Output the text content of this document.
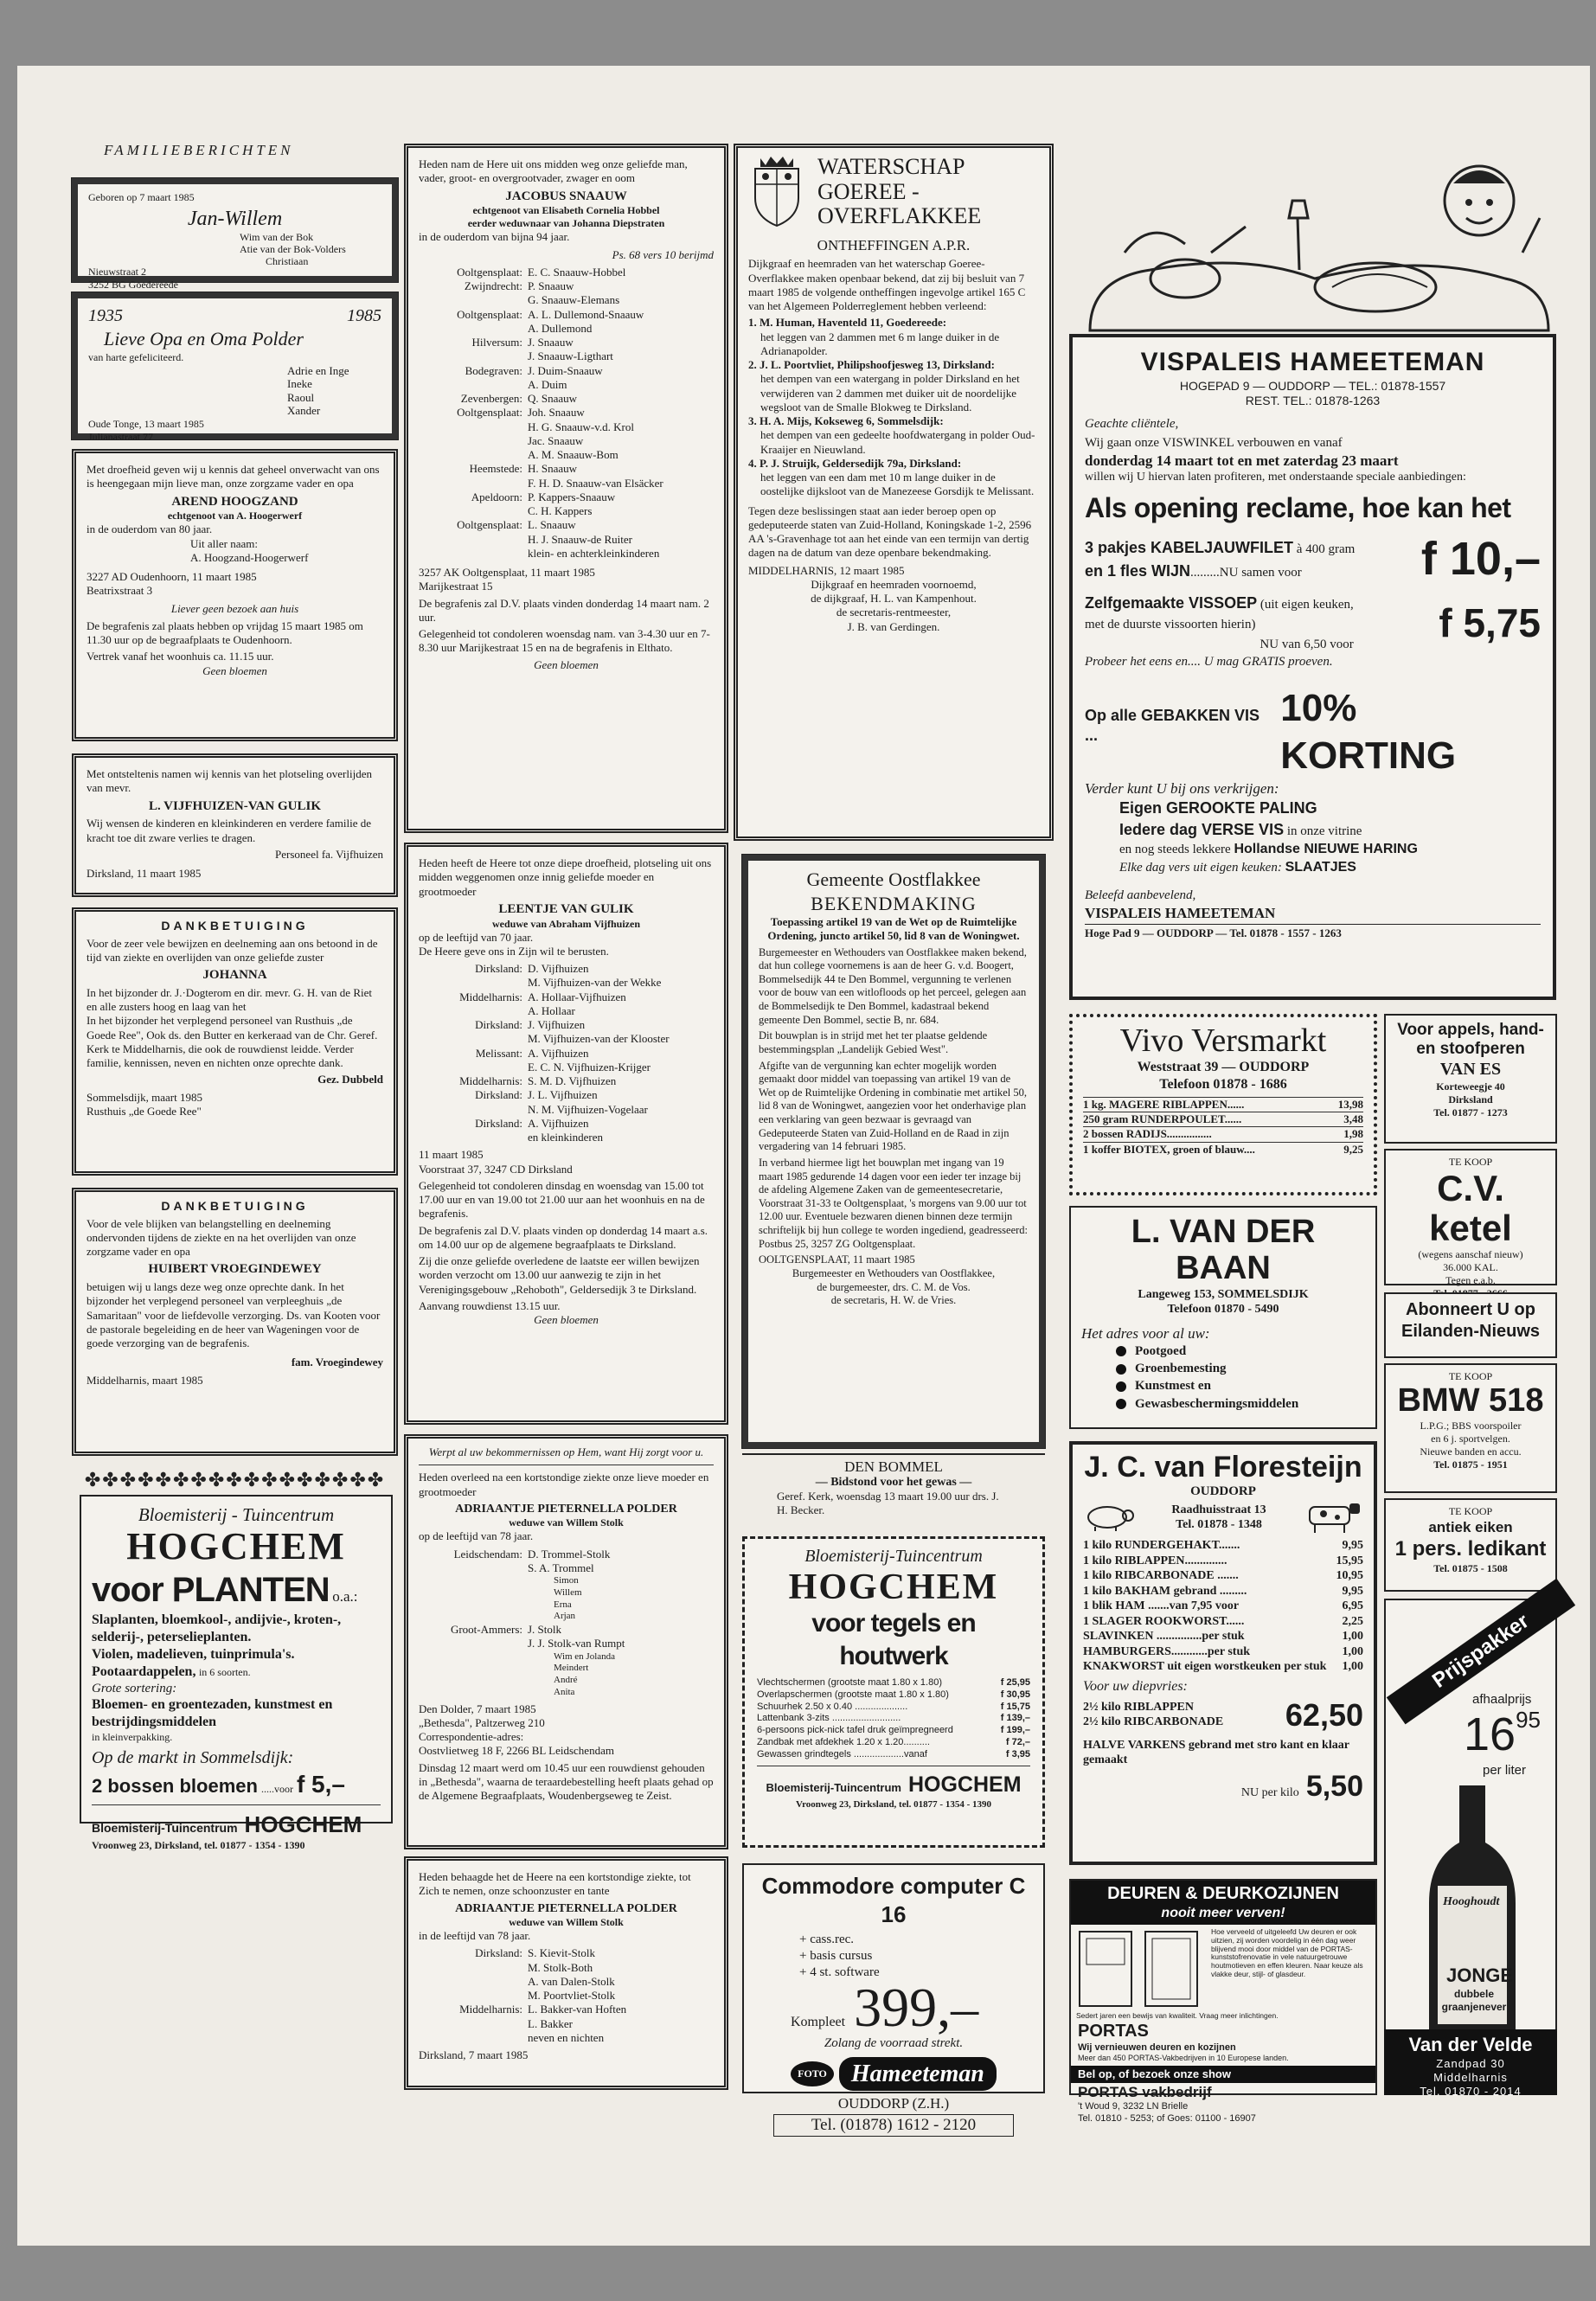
FAMILIEBERICHTEN
Geboren op 7 maart 1985
Jan-Willem
Wim van der Bok
Atie van der Bok-Volders
Christiaan
Nieuwstraat 2
3252 BG Goedereede
1935	1985
Lieve Opa en Oma Polder
van harte gefeliciteerd.
Adrie en Inge
Ineke
Raoul
Xander
Oude Tonge, 13 maart 1985
Julianastraat 77

Met droefheid geven wij u kennis dat geheel onverwacht van ons is heengegaan mijn lieve man, onze zorgzame vader en opa

AREND HOOGZAND
echtgenoot van A. Hoogerwerf
in de ouderdom van 80 jaar.
Uit aller naam:
A. Hoogzand-Hoogerwerf
3227 AD Oudenhoorn, 11 maart 1985
Beatrixstraat 3
Liever geen bezoek aan huis

De begrafenis zal plaats hebben op vrijdag 15 maart 1985 om 11.30 uur op de begraafplaats te Oudenhoorn.

Vertrek vanaf het woonhuis ca. 11.15 uur.
Geen bloemen

Met ontsteltenis namen wij kennis van het plotseling overlijden van mevr.

L. VIJFHUIZEN-VAN GULIK

Wij wensen de kinderen en kleinkinderen en verdere familie de kracht toe dit zware verlies te dragen.

Personeel fa. Vijfhuizen
Dirksland, 11 maart 1985
DANKBETUIGING

Voor de zeer vele bewijzen en deelneming aan ons betoond in de tijd van ziekte en overlijden van onze geliefde zuster

JOHANNA

In het bijzonder dr. J.·Dogterom en dir. mevr. G. H. van de Riet en alle zusters hoog en laag van het

In het bijzonder het verplegend personeel van Rusthuis „de Goede Ree", Ook ds. den Butter en kerkeraad van de Chr. Geref. Kerk te Middelharnis, die ook de rouwdienst leidde. Verder familie, kennissen, neven en nichten onze oprechte dank.

Gez. Dubbeld
Sommelsdijk, maart 1985
Rusthuis „de Goede Ree"
DANKBETUIGING

Voor de vele blijken van belangstelling en deelneming ondervonden tijdens de ziekte en na het overlijden van onze zorgzame vader en opa

HUIBERT VROEGINDEWEY

betuigen wij u langs deze weg onze oprechte dank. In het bijzonder het verplegend personeel van verpleeghuis „de Samaritaan" voor de liefdevolle verzorging. Ds. van Kooten voor de pastorale begeleiding en de heer van Wageningen voor de goede verzorging van de begrafenis.

fam. Vroegindewey
Middelharnis, maart 1985
✤✤✤✤✤✤✤✤✤✤✤✤✤✤✤✤✤
Bloemisterij - Tuincentrum
HOGCHEM
voor PLANTEN o.a.:
Slaplanten, bloemkool-, andijvie-, kroten-, selderij-, peterselieplanten.
Violen, madelieven, tuinprimula's.
Pootaardappelen, in 6 soorten.
Grote sortering:
Bloemen- en groentezaden, kunstmest en bestrijdingsmiddelen
in kleinverpakking.
Op de markt in Sommelsdijk:
2 bossen bloemen .....voor f 5,–
Bloemisterij-Tuincentrum HOGCHEM
Vroonweg 23, Dirksland, tel. 01877 - 1354 - 1390

Heden nam de Here uit ons midden weg onze geliefde man, vader, groot- en overgrootvader, zwager en oom

JACOBUS SNAAUW
echtgenoot van Elisabeth Cornelia Hobbel
eerder weduwnaar van Johanna Diepstraten
in de ouderdom van bijna 94 jaar.
Ps. 68 vers 10 berijmd
Ooltgensplaat: E. C. Snaauw-Hobbel
Zwijndrecht: P. Snaauw
G. Snaauw-Elemans
Ooltgensplaat: A. L. Dullemond-Snaauw
A. Dullemond
Hilversum: J. Snaauw
J. Snaauw-Ligthart
Bodegraven: J. Duim-Snaauw
A. Duim
Zevenbergen: Q. Snaauw
Ooltgensplaat: Joh. Snaauw
H. G. Snaauw-v.d. Krol
Jac. Snaauw
A. M. Snaauw-Bom
Heemstede: H. Snaauw
F. H. D. Snaauw-van Elsäcker
Apeldoorn: P. Kappers-Snaauw
C. H. Kappers
Ooltgensplaat: L. Snaauw
H. J. Snaauw-de Ruiter
klein- en achterkleinkinderen
3257 AK Ooltgensplaat, 11 maart 1985
Marijkestraat 15

De begrafenis zal D.V. plaats vinden donderdag 14 maart nam. 2 uur.

Gelegenheid tot condoleren woensdag nam. van 3-4.30 uur en 7-8.30 uur Marijkestraat 15 en na de begrafenis in Elthato.

Geen bloemen

Heden heeft de Heere tot onze diepe droefheid, plotseling uit ons midden weggenomen onze innig geliefde moeder en grootmoeder

LEENTJE VAN GULIK
weduwe van Abraham Vijfhuizen
op de leeftijd van 70 jaar.
De Heere geve ons in Zijn wil te berusten.
Dirksland: D. Vijfhuizen
M. Vijfhuizen-van der Wekke
Middelharnis: A. Hollaar-Vijfhuizen
A. Hollaar
Dirksland: J. Vijfhuizen
M. Vijfhuizen-van der Klooster
Melissant: A. Vijfhuizen
E. C. N. Vijfhuizen-Krijger
Middelharnis: S. M. D. Vijfhuizen
Dirksland: J. L. Vijfhuizen
N. M. Vijfhuizen-Vogelaar
Dirksland: A. Vijfhuizen
en kleinkinderen
11 maart 1985
Voorstraat 37, 3247 CD Dirksland

Gelegenheid tot condoleren dinsdag en woensdag van 15.00 tot 17.00 uur en van 19.00 tot 21.00 uur aan het woonhuis en na de begrafenis.

De begrafenis zal D.V. plaats vinden op donderdag 14 maart a.s. om 14.00 uur op de algemene begraafplaats te Dirksland.

Zij die onze geliefde overledene de laatste eer willen bewijzen worden verzocht om 13.00 uur aanwezig te zijn in het Verenigingsgebouw „Rehoboth", Geldersedijk 3 te Dirksland.

Aanvang rouwdienst 13.15 uur.
Geen bloemen
Werpt al uw bekommernissen op Hem, want Hij zorgt voor u.

Heden overleed na een kortstondige ziekte onze lieve moeder en grootmoeder

ADRIAANTJE PIETERNELLA POLDER
weduwe van Willem Stolk
op de leeftijd van 78 jaar.
Leidschendam: D. Trommel-Stolk
S. A. Trommel
Simon
Willem
Erna
Arjan
Groot-Ammers: J. Stolk
J. J. Stolk-van Rumpt
Wim en Jolanda
Meindert
André
Anita
Den Dolder, 7 maart 1985
„Bethesda", Paltzerweg 210
Correspondentie-adres:
Oostvlietweg 18 F, 2266 BL Leidschendam

Dinsdag 12 maart werd om 10.45 uur een rouwdienst gehouden in „Bethesda", waarna de teraardebestelling heeft plaats gehad op de Algemene Begraafplaats, Woudenbergseweg te Zeist.

Heden behaagde het de Heere na een kortstondige ziekte, tot Zich te nemen, onze schoonzuster en tante

ADRIAANTJE PIETERNELLA POLDER
weduwe van Willem Stolk
in de leeftijd van 78 jaar.
Dirksland: S. Kievit-Stolk
M. Stolk-Both
A. van Dalen-Stolk
M. Poortvliet-Stolk
Middelharnis: L. Bakker-van Hoften
L. Bakker
neven en nichten
Dirksland, 7 maart 1985
WATERSCHAP
GOEREE -
OVERFLAKKEE
ONTHEFFINGEN A.P.R.

Dijkgraaf en heemraden van het waterschap Goeree-Overflakkee maken openbaar bekend, dat zij bij besluit van 7 maart 1985 de volgende ontheffingen ingevolge artikel 165 C van het Algemeen Polderreglement hebben verleend:

1. M. Human, Haventeld 11, Goedereede:
het leggen van 2 dammen met 6 m lange duiker in de Adrianapolder.
2. J. L. Poortvliet, Philipshoofjesweg 13, Dirksland:
het dempen van een watergang in polder Dirksland en het verwijderen van 2 dammen met duiker uit de noordelijke wegsloot van de Smalle Blokweg te Dirksland.
3. H. A. Mijs, Kokseweg 6, Sommelsdijk:
het dempen van een gedeelte hoofdwatergang in polder Oud-Kraaijer en Nieuwland.
4. P. J. Struijk, Geldersedijk 79a, Dirksland:
het leggen van een dam met 10 m lange duiker in de oostelijke dijksloot van de Manezeese Gorsdijk te Melissant.

Tegen deze beslissingen staat aan ieder beroep open op gedeputeerde staten van Zuid-Holland, Koningskade 1-2, 2596 AA 's-Gravenhage tot aan het einde van een termijn van dertig dagen na de datum van deze openbare bekendmaking.

MIDDELHARNIS, 12 maart 1985
Dijkgraaf en heemraden voornoemd,
de dijkgraaf, H. L. van Kampenhout.
de secretaris-rentmeester,
J. B. van Gerdingen.
Gemeente Oostflakkee
BEKENDMAKING
Toepassing artikel 19 van de Wet op de Ruimtelijke Ordening, juncto artikel 50, lid 8 van de Woningwet.

Burgemeester en Wethouders van Oostflakkee maken bekend, dat hun college voornemens is aan de heer G. v.d. Boogert, Bommelsedijk 44 te Den Bommel, vergunning te verlenen voor de bouw van een witlofloods op het perceel, gelegen aan de Bommelsedijk te Den Bommel, kadastraal bekend gemeente Den Bommel, sectie B, nr. 684.

Dit bouwplan is in strijd met het ter plaatse geldende bestemmingsplan „Landelijk Gebied West".

Afgifte van de vergunning kan echter mogelijk worden gemaakt door middel van toepassing van artikel 19 van de Wet op de Ruimtelijke Ordening in combinatie met artikel 50, lid 8 van de Woningwet, aangezien voor het onderhavige plan een verklaring van geen bezwaar is gevraagd van Gedeputeerde Staten van Zuid-Holland en de Raad in zijn vergadering van 14 februari 1985.

In verband hiermee ligt het bouwplan met ingang van 19 maart 1985 gedurende 14 dagen voor een ieder ter inzage bij de afdeling Algemene Zaken van de gemeentesecretarie, Voorstraat 31-33 te Ooltgensplaat, 's morgens van 9.00 uur tot 12.00 uur. Eventuele bezwaren dienen binnen deze termijn schriftelijk bij hun college te worden ingediend, geadresseerd: Postbus 25, 3257 ZG Ooltgensplaat.

OOLTGENSPLAAT, 11 maart 1985
Burgemeester en Wethouders van Oostflakkee,
de burgemeester, drs. C. M. de Vos.
de secretaris, H. W. de Vries.
DEN BOMMEL
— Bidstond voor het gewas —
Geref. Kerk, woensdag 13 maart 19.00 uur drs. J. H. Becker.
Bloemisterij-Tuincentrum
HOGCHEM
voor tegels en houtwerk
Vlechtschermen (grootste maat 1.80 x 1.80)	f 25,95
Overlapschermen (grootste maat 1.80 x 1.80)	f 30,95
Schuurhek 2.50 x 0.40 ....................	f 15,75
Lattenbank 3-zits ..........................	f 139,–
6-persoons pick-nick tafel druk geïmpregneerd	f 199,–
Zandbak met afdekhek 1.20 x 1.20..........	f 72,–
Gewassen grindtegels ...................vanaf	f 3,95
Bloemisterij-Tuincentrum HOGCHEM
Vroonweg 23, Dirksland, tel. 01877 - 1354 - 1390
Commodore computer C 16
+ cass.rec.
+ basis cursus
+ 4 st. software
Kompleet 399,–
Zolang de voorraad strekt.
FOTO	Hameeteman
OUDDORP (Z.H.)
Tel. (01878) 1612 - 2120
VISPALEIS HAMEETEMAN
HOGEPAD 9 — OUDDORP — TEL.: 01878-1557
REST. TEL.: 01878-1263
Geachte cliëntele,
Wij gaan onze VISWINKEL verbouwen en vanaf
donderdag 14 maart tot en met zaterdag 23 maart
willen wij U hiervan laten profiteren, met onderstaande speciale aanbiedingen:
Als opening reclame, hoe kan het
3 pakjes KABELJAUWFILET à 400 gram
en 1 fles WIJN.........NU samen voor	f 10,–
Zelfgemaakte VISSOEP (uit eigen keuken,
met de duurste vissoorten hierin)
NU van 6,50 voor f 5,75
Probeer het eens en.... U mag GRATIS proeven.
Op alle GEBAKKEN VIS ...
10% KORTING
Verder kunt U bij ons verkrijgen:
Eigen GEROOKTE PALING
Iedere dag VERSE VIS in onze vitrine
en nog steeds lekkere Hollandse NIEUWE HARING
Elke dag vers uit eigen keuken: SLAATJES
Beleefd aanbevelend,
VISPALEIS HAMEETEMAN
Hoge Pad 9 — OUDDORP — Tel. 01878 - 1557 - 1263
Vivo Versmarkt
Weststraat 39 — OUDDORP
Telefoon 01878 - 1686
1 kg. MAGERE RIBLAPPEN......	13,98
250 gram RUNDERPOULET......	3,48
2 bossen RADIJS................	1,98
1 koffer BIOTEX, groen of blauw....	9,25
L. VAN DER BAAN
Langeweg 153, SOMMELSDIJK
Telefoon 01870 - 5490
Het adres voor al uw:
Pootgoed
Groenbemesting
Kunstmest en
Gewasbeschermingsmiddelen
J. C. van Floresteijn
OUDDORP
Raadhuisstraat 13
Tel. 01878 - 1348
1 kilo RUNDERGEHAKT.......	9,95
1 kilo RIBLAPPEN..............	15,95
1 kilo RIBCARBONADE .......	10,95
1 kilo BAKHAM gebrand .........	9,95
1 blik HAM .......van 7,95 voor	6,95
1 SLAGER ROOKWORST......	2,25
SLAVINKEN ...............per stuk	1,00
HAMBURGERS............per stuk	1,00
KNAKWORST uit eigen worstkeuken per stuk 1,00
Voor uw diepvries:
2½ kilo RIBLAPPEN
2½ kilo RIBCARBONADE 62,50
HALVE VARKENS gebrand met stro kant en klaar gemaakt
NU per kilo 5,50
Voor appels, hand- en stoofperen
VAN ES
Korteweegje 40
Dirksland
Tel. 01877 - 1273
TE KOOP
C.V. ketel
(wegens aanschaf nieuw)
36.000 KAL.
Tegen e.a.b.
Abonneert U op
Eilanden-Nieuws
TE KOOP
BMW 518
L.P.G.; BBS voorspoiler
en 6 j. sportvelgen.
Nieuwe banden en accu.
Tel. 01875 - 1951
TE KOOP
antiek eiken
1 pers. ledikant
Tel. 01875 - 1508
Prijspakker
afhaalprijs
1695
per liter
Hooghoudt
JONGE
dubbele graanjenever
DEUREN & DEURKOZIJNEN
nooit meer verven!
Hoe verveeld of uitgeleefd Uw deuren er ook uitzien, zij worden voordelig in één dag weer blijvend mooi door middel van de PORTAS-kunststofrenovatie in vele natuurgetrouwe houtmotieven en effen kleuren. Naar keuze als vlakke deur, stijl- of glasdeur.
Sedert jaren een bewijs van kwaliteit. Vraag meer inlichtingen.
PORTAS
Wij vernieuwen deuren en kozijnen
Meer dan 450 PORTAS-Vakbedrijven in 10 Europese landen.
Bel op, of bezoek onze show
PORTAS vakbedrijf
't Woud 9, 3232 LN Brielle
Tel. 01810 - 5253; of Goes: 01100 - 16907
Van der Velde
Zandpad 30
Middelharnis
Tel. 01870 - 2014
